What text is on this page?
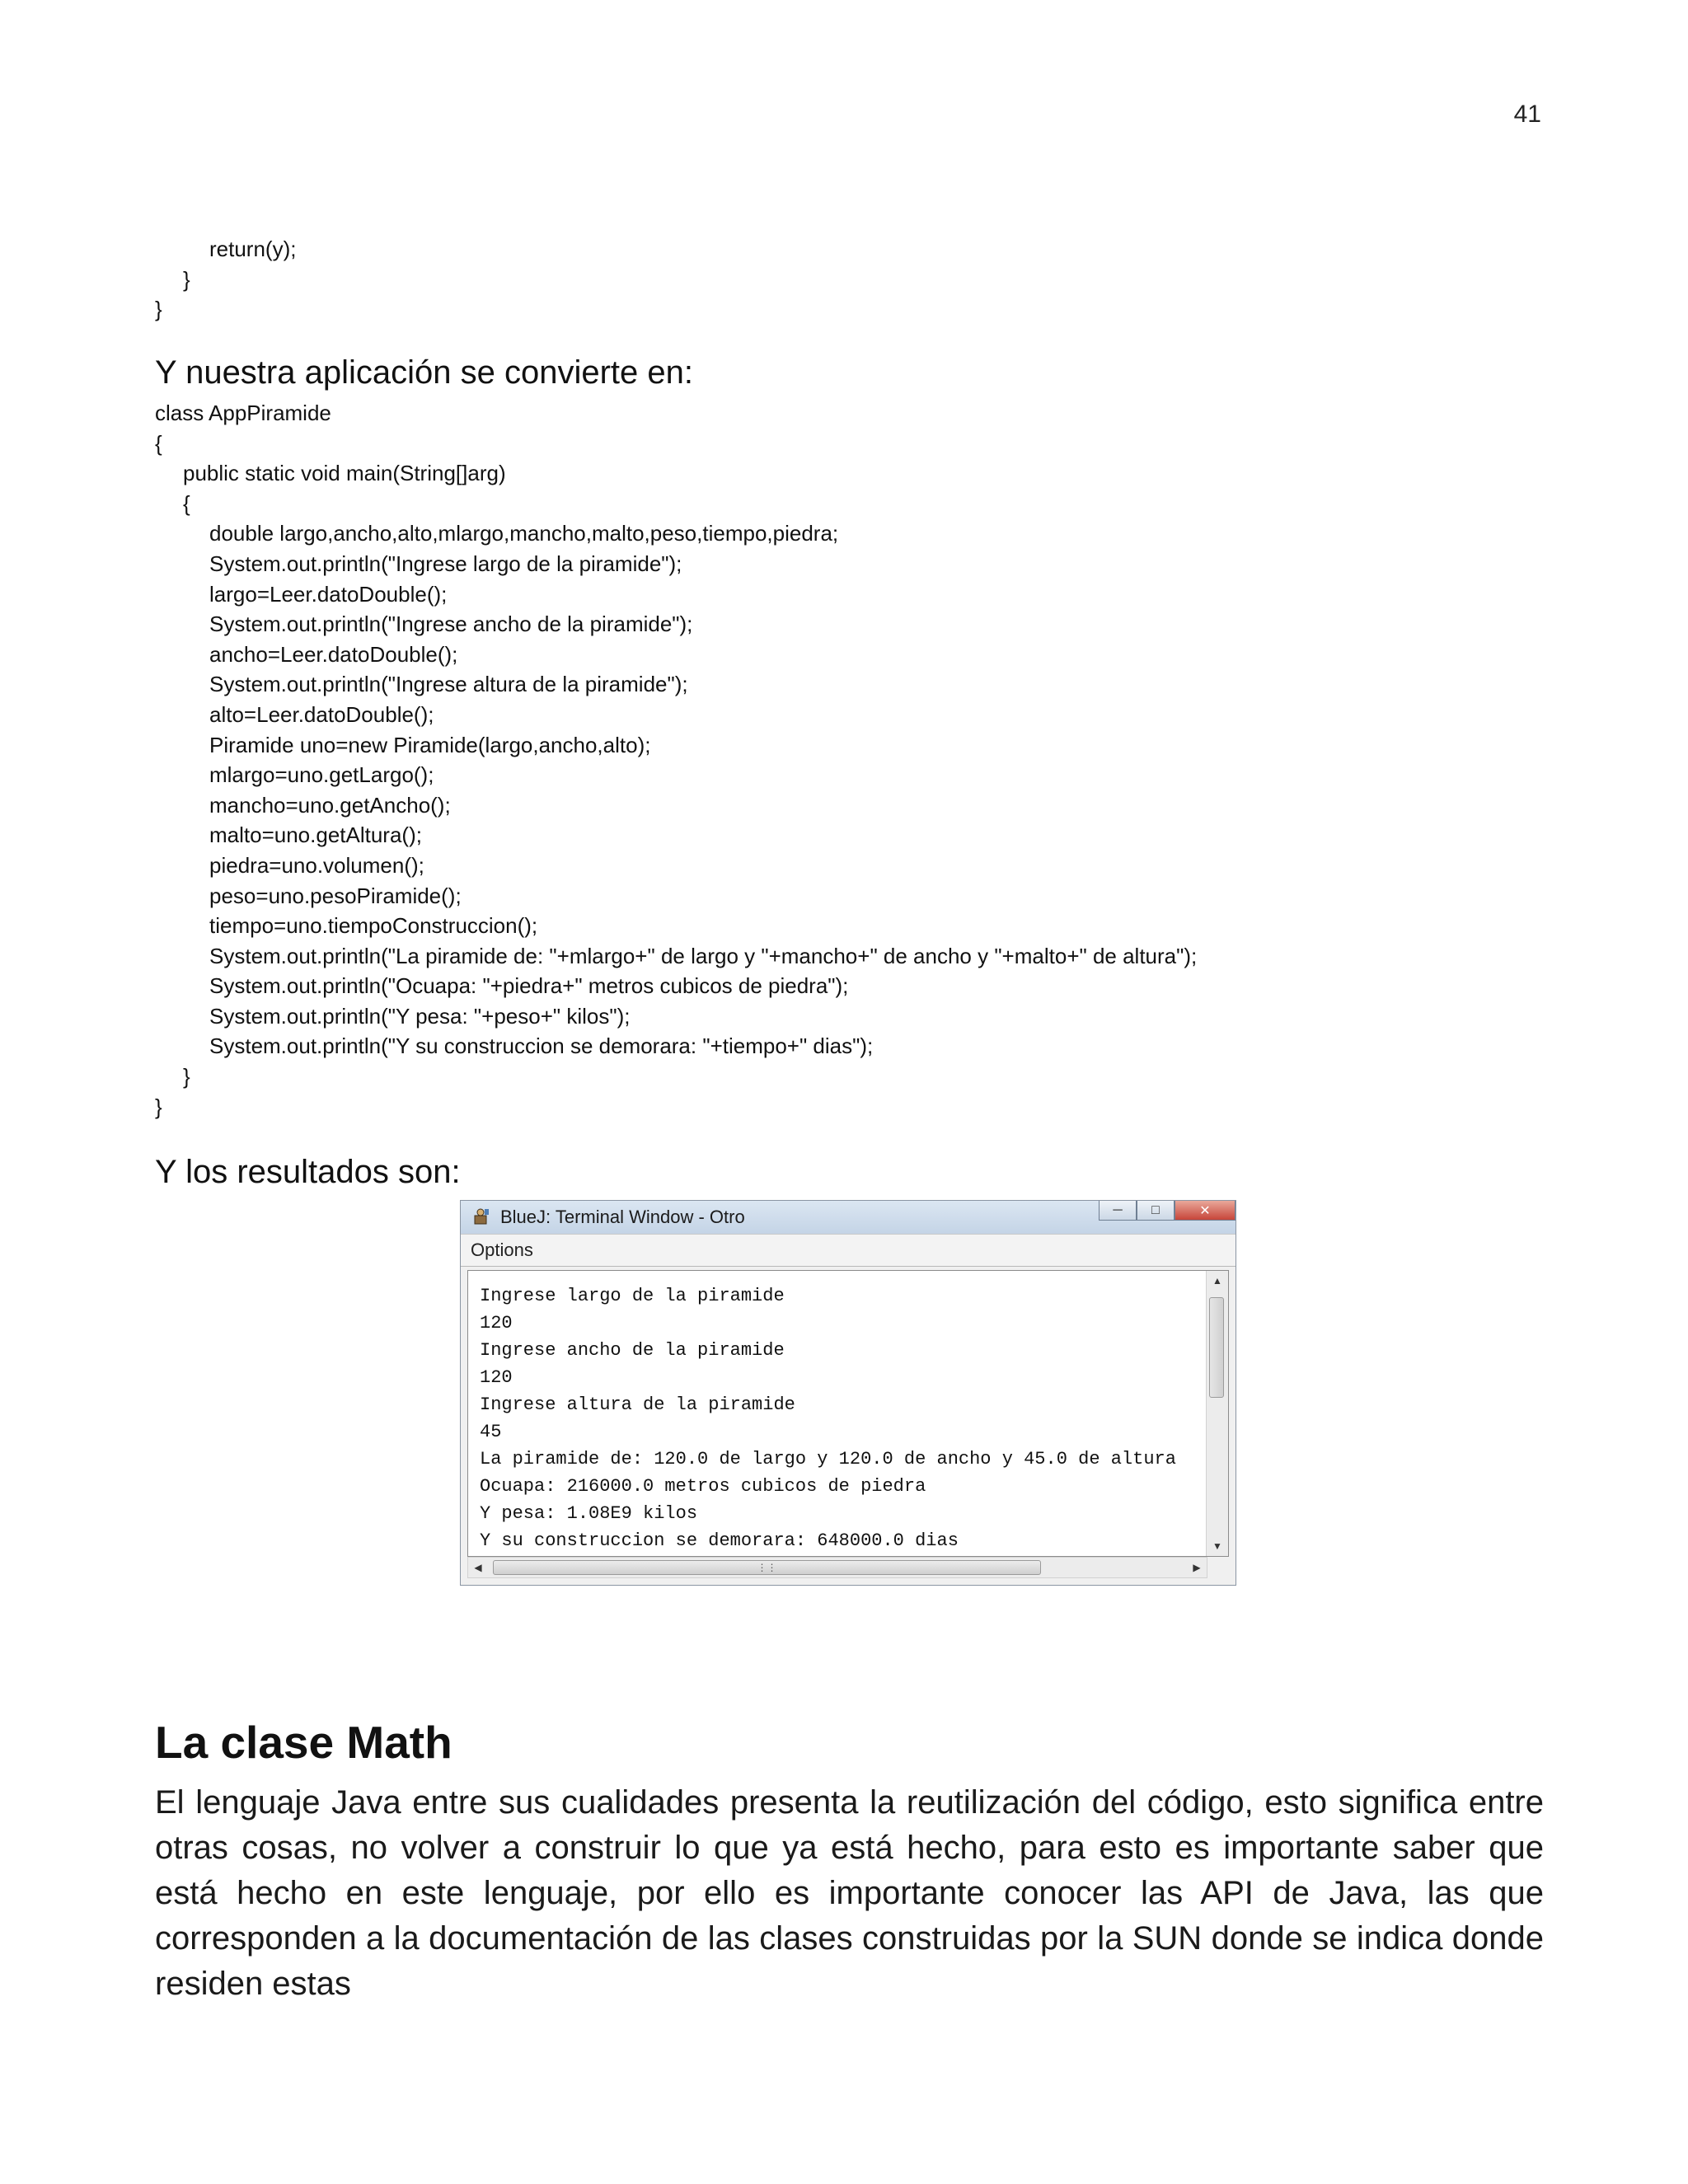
41
return(y);
}
}
Y nuestra aplicación se convierte en:
class AppPiramide
{
public static void main(String[]arg)
{
double largo,ancho,alto,mlargo,mancho,malto,peso,tiempo,piedra;
System.out.println("Ingrese largo de la piramide");
largo=Leer.datoDouble();
System.out.println("Ingrese ancho de la piramide");
ancho=Leer.datoDouble();
System.out.println("Ingrese altura de la piramide");
alto=Leer.datoDouble();
Piramide uno=new Piramide(largo,ancho,alto);
mlargo=uno.getLargo();
mancho=uno.getAncho();
malto=uno.getAltura();
piedra=uno.volumen();
peso=uno.pesoPiramide();
tiempo=uno.tiempoConstruccion();
System.out.println("La piramide de: "+mlargo+" de largo y "+mancho+" de ancho y "+malto+" de altura");
System.out.println("Ocuapa: "+piedra+" metros cubicos de piedra");
System.out.println("Y pesa: "+peso+" kilos");
System.out.println("Y su construccion se demorara: "+tiempo+" dias");
}
}
Y los resultados son:
BlueJ: Terminal Window - Otro	─ □	✕
Options
Ingrese largo de la piramide
120
Ingrese ancho de la piramide
120
Ingrese altura de la piramide
45
La piramide de: 120.0 de largo y 120.0 de ancho y 45.0 de altura
Ocuapa: 216000.0 metros cubicos de piedra
Y pesa: 1.08E9 kilos
Y su construccion se demorara: 648000.0 dias
▲
▼
◀	⋮⋮	▶
La clase Math

El lenguaje Java entre sus cualidades presenta la reutilización del código, esto significa entre otras cosas, no volver a construir lo que ya está hecho, para esto es importante saber que está hecho en este lenguaje, por ello es importante conocer las API de Java, las que corresponden a la documentación de las clases construidas por la SUN donde se indica donde residen estas
